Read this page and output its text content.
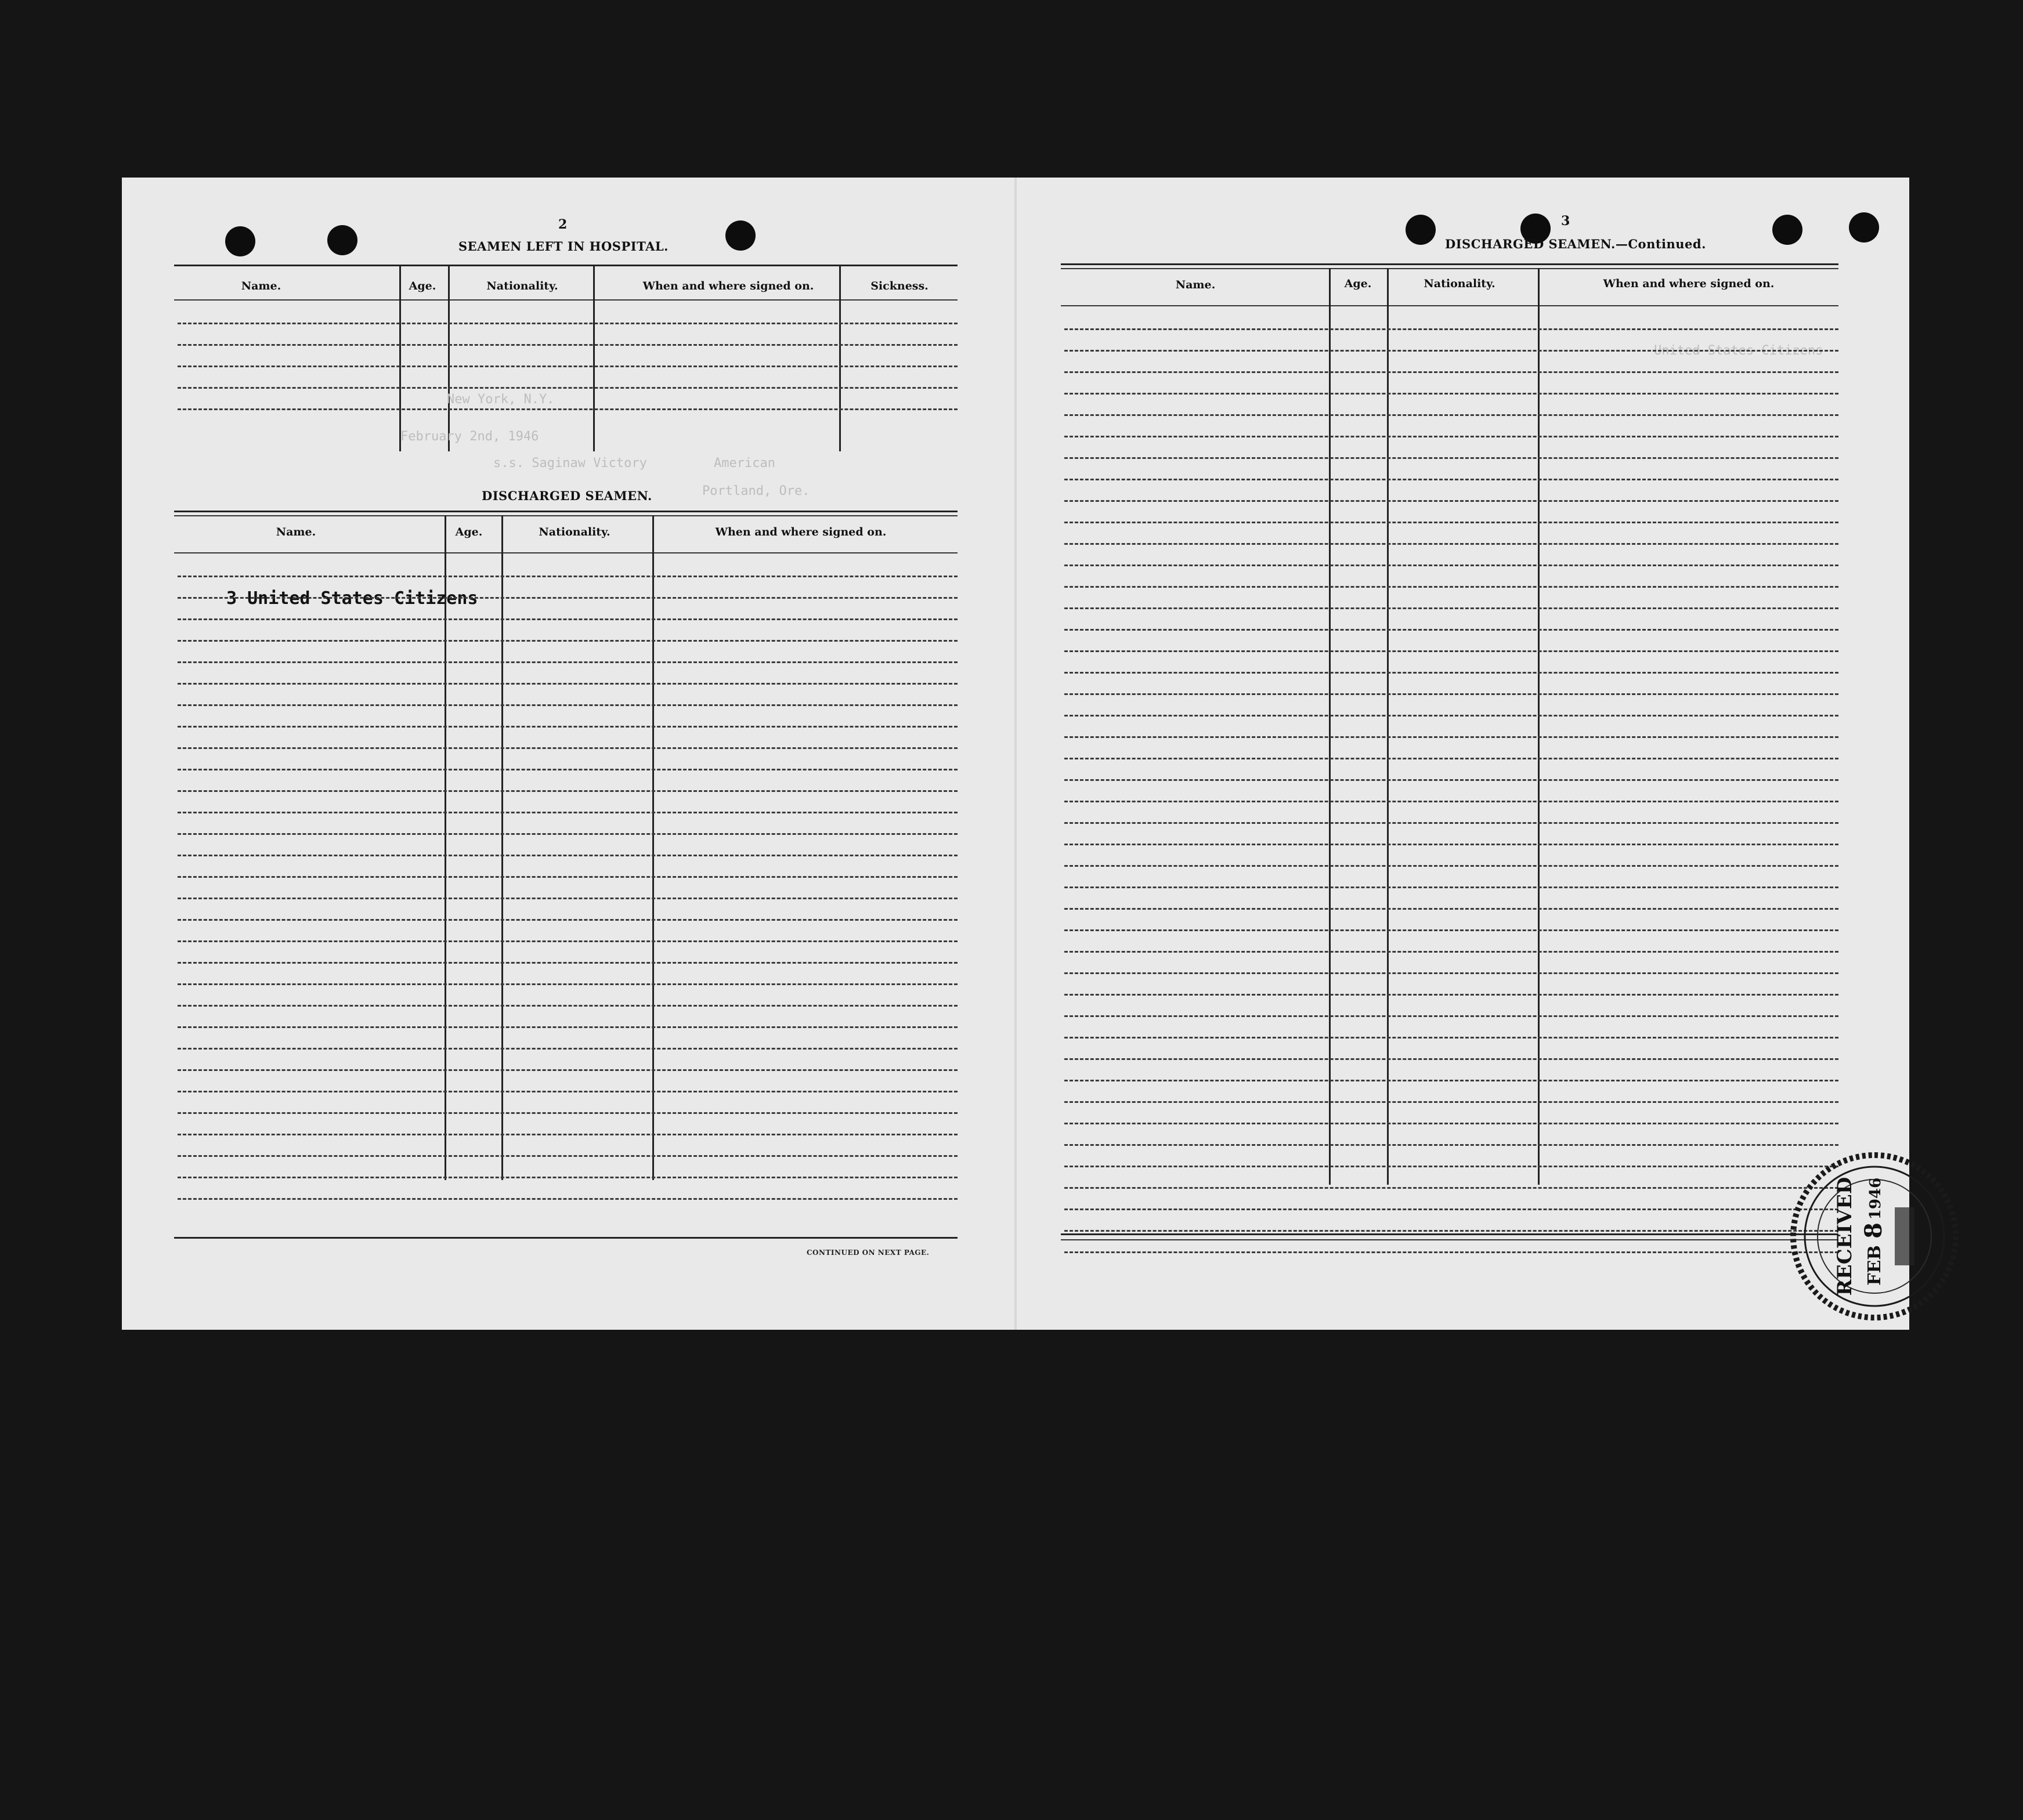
2
SEAMEN LEFT IN HOSPITAL.
Name.	Age.	Nationality.	When and where signed on.	Sickness.
New York, N.Y.
February 2nd, 1946
s.s. Saginaw Victory	American
Portland, Ore.
DISCHARGED SEAMEN.
Name.	Age.	Nationality.	When and where signed on.
3 United States Citizens
CONTINUED ON NEXT PAGE.
3
DISCHARGED SEAMEN.—Continued.
Name.	Age.	Nationality.	When and where signed on.
United States Citizens
RECEIVED FEB
8
1946
